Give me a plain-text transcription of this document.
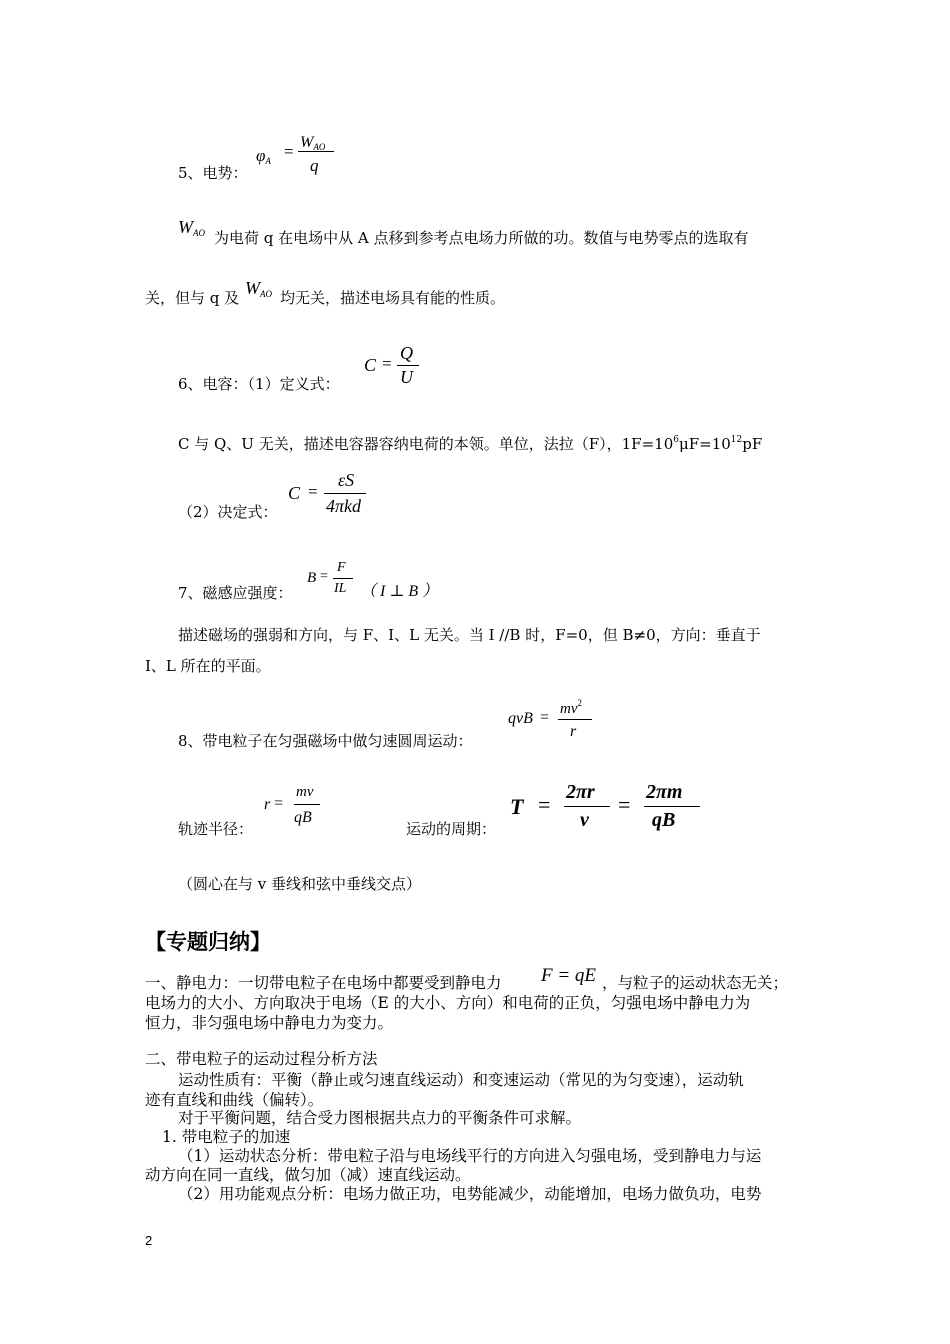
$\varphi_A = W_{AO}$
q
5、电势：
$W_{AO}$ 为电荷 q 在电场中从 A 点移到参考点电场力所做的功。数值与电势零点的选取有
关，但与 q 及 $W_{AO}$ 均无关，描述电场具有能的性质。
6、电容：（1）定义式：
C =
Q
U
C 与 Q、U 无关，描述电容器容纳电荷的本领。单位，法拉（F），$1F=10^6\mu F=10^{12}pF$
（2）决定式：
C =
εS
4πkd
7、磁感应强度：
B =
F
IL （ I ⊥ B ）
描述磁场的强弱和方向，与 F、I、L 无关。当 I //B 时，F=0，但 B≠0，方向：垂直于
I、L 所在的平面。
8、带电粒子在匀强磁场中做匀速圆周运动：
qvB = $mv^2$
r
轨迹半径：
r =
mv
qB
运动的周期：
T = 2πr
v
= 2πm
qB
（圆心在与 v 垂线和弦中垂线交点）
【专题归纳】
一、静电力：一切带电粒子在电场中都要受到静电力 F = qE ，与粒子的运动状态无关；
电场力的大小、方向取决于电场（E 的大小、方向）和电荷的正负，匀强电场中静电力为
恒力，非匀强电场中静电力为变力。
二、带电粒子的运动过程分析方法
运动性质有：平衡（静止或匀速直线运动）和变速运动（常见的为匀变速），运动轨
迹有直线和曲线（偏转）。
对于平衡问题，结合受力图根据共点力的平衡条件可求解。
1. 带电粒子的加速
（1）运动状态分析：带电粒子沿与电场线平行的方向进入匀强电场，受到静电力与运
动方向在同一直线，做匀加（减）速直线运动。
（2）用功能观点分析：电场力做正功，电势能减少，动能增加，电场力做负功，电势
2
